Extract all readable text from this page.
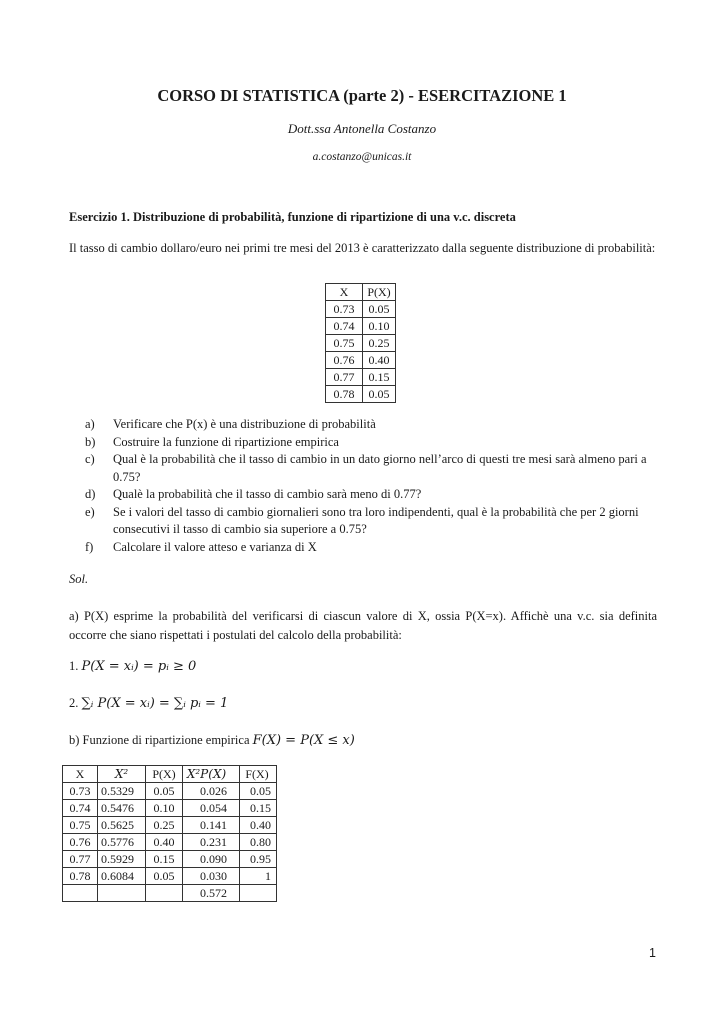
CORSO DI STATISTICA (parte 2) - ESERCITAZIONE 1
Dott.ssa Antonella Costanzo
a.costanzo@unicas.it
Esercizio 1. Distribuzione di probabilità, funzione di ripartizione di una v.c. discreta
Il tasso di cambio dollaro/euro nei primi tre mesi del 2013 è caratterizzato dalla seguente distribuzione di probabilità:
X	P(X)
0.73	0.05
0.74	0.10
0.75	0.25
0.76	0.40
0.77	0.15
0.78	0.05
a) Verificare che P(x) è una distribuzione di probabilità
b) Costruire la funzione di ripartizione empirica
c) Qual è la probabilità che il tasso di cambio in un dato giorno nell’arco di questi tre mesi sarà almeno pari a 0.75?
d) Qualè la probabilità che il tasso di cambio sarà meno di 0.77?
e) Se i valori del tasso di cambio giornalieri sono tra loro indipendenti, qual è la probabilità che per 2 giorni consecutivi il tasso di cambio sia superiore a 0.75?
f) Calcolare il valore atteso e varianza di X
Sol.
a) P(X) esprime la probabilità del verificarsi di ciascun valore di X, ossia P(X=x). Affichè una v.c. sia definita occorre che siano rispettati i postulati del calcolo della probabilità:
1. P(X = xᵢ) = pᵢ ≥ 0
2. ∑ᵢ P(X = xᵢ) = ∑ᵢ pᵢ = 1
b) Funzione di ripartizione empirica F(X) = P(X ≤ x)
X	X²	P(X)	X²P(X)	F(X)
0.73	0.5329	0.05	0.026	0.05
0.74	0.5476	0.10	0.054	0.15
0.75	0.5625	0.25	0.141	0.40
0.76	0.5776	0.40	0.231	0.80
0.77	0.5929	0.15	0.090	0.95
0.78	0.6084	0.05	0.030	1
			0.572	
1
